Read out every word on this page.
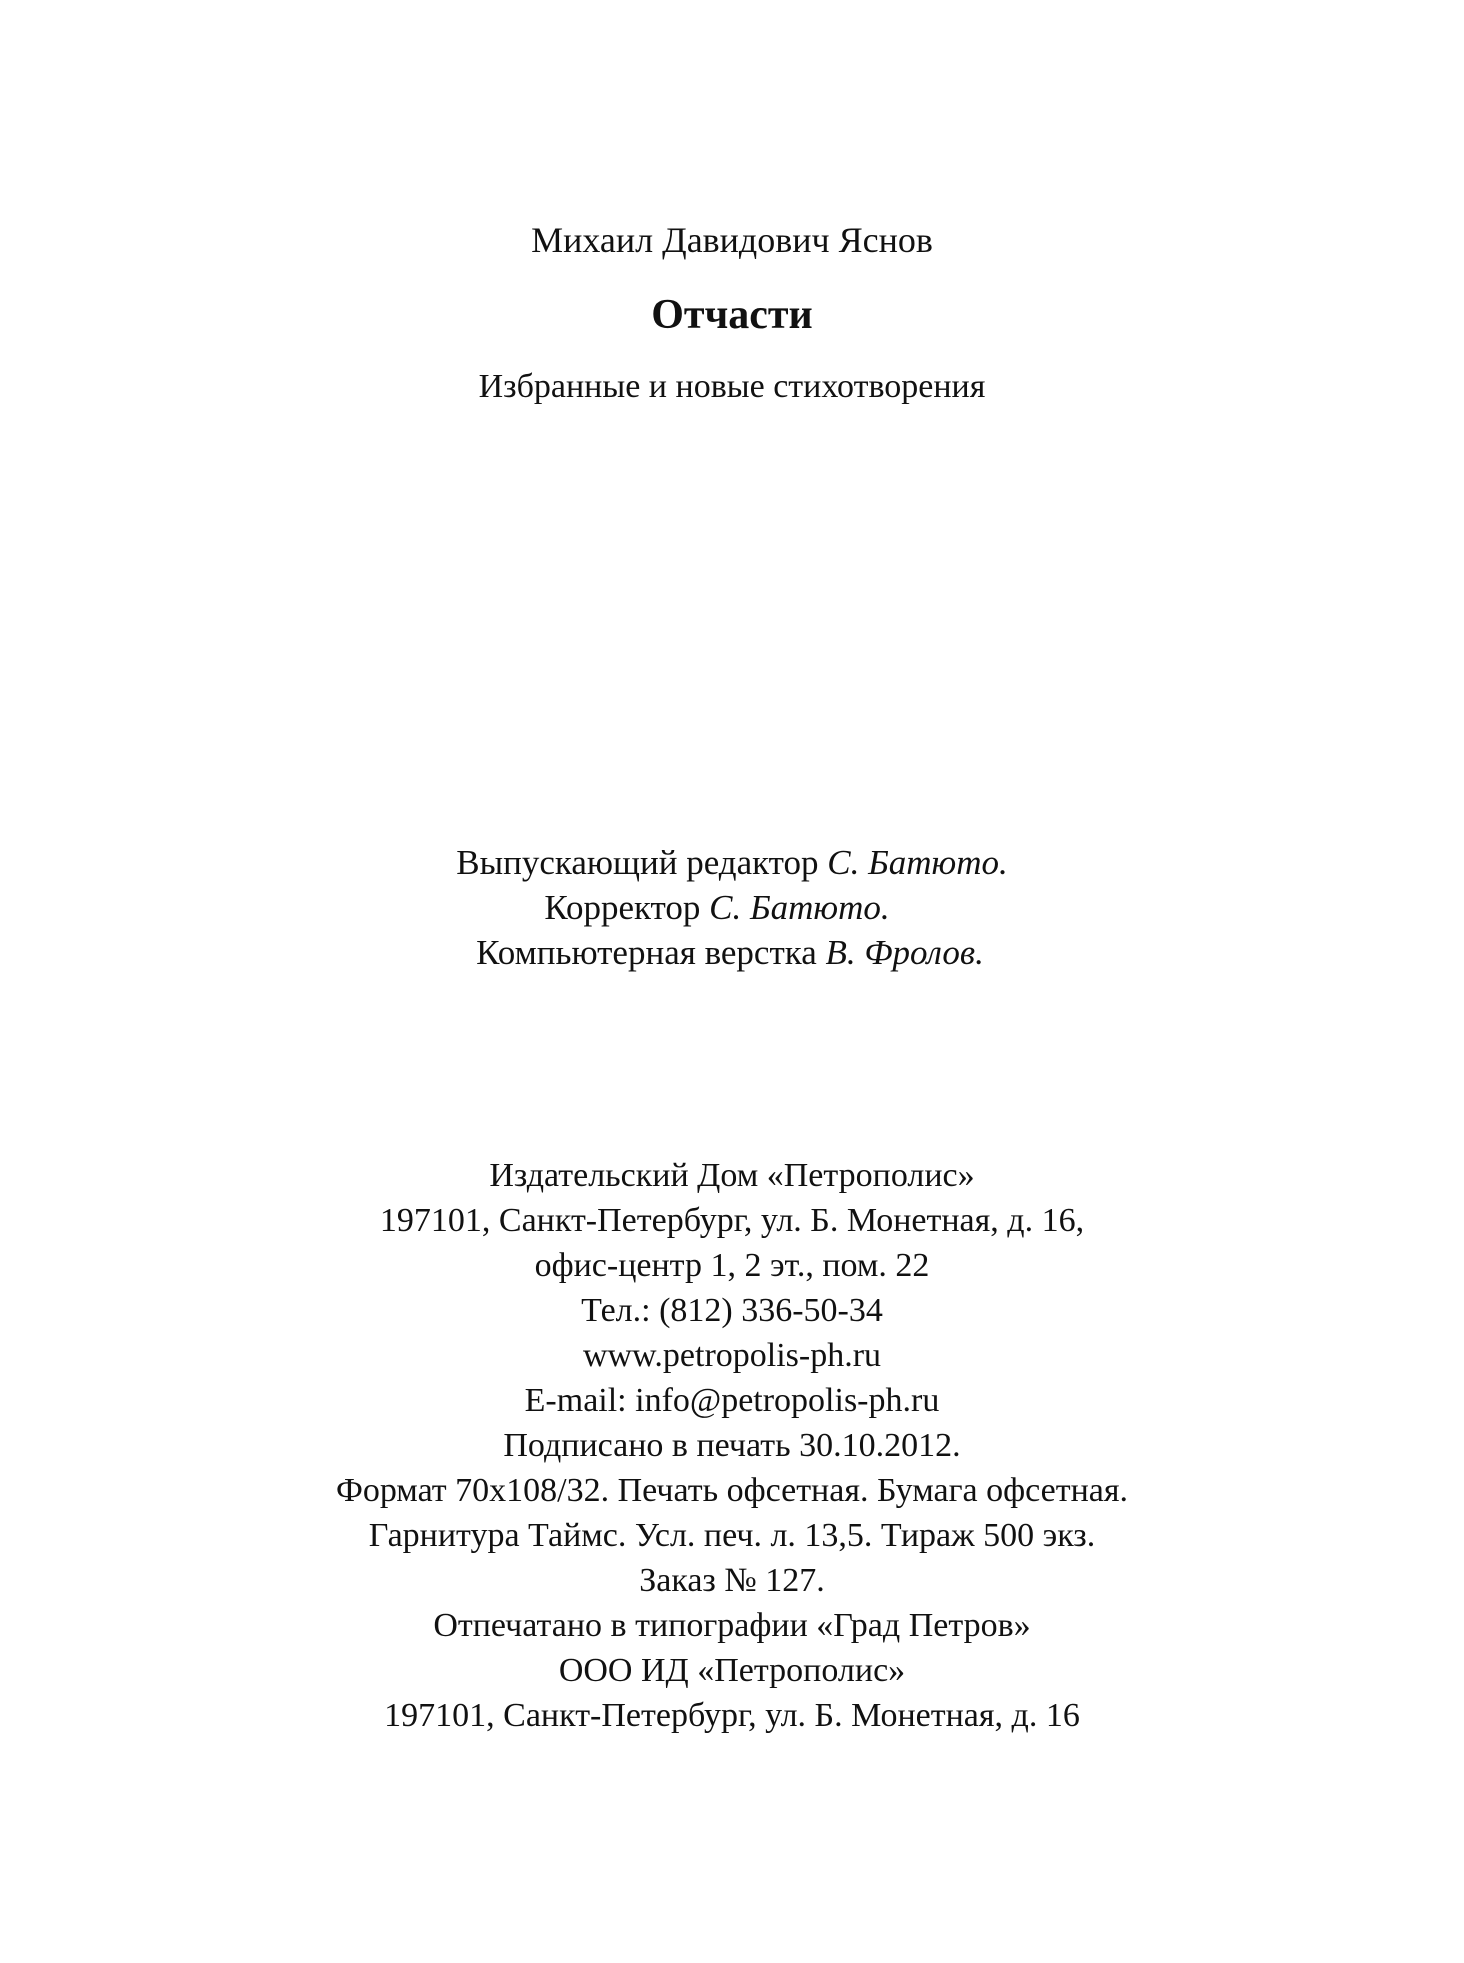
Михаил Давидович Яснов
Отчасти
Избранные и новые стихотворения
Выпускающий редактор С. Батюто.
Корректор С. Батюто.
Компьютерная верстка В. Фролов.
Издательский Дом «Петрополис»
197101, Санкт-Петербург, ул. Б. Монетная, д. 16,
офис-центр 1, 2 эт., пом. 22
Тел.: (812) 336-50-34
www.petropolis-ph.ru
E-mail: info@petropolis-ph.ru
Подписано в печать 30.10.2012.
Формат 70x108/32. Печать офсетная. Бумага офсетная.
Гарнитура Таймс. Усл. печ. л. 13,5. Тираж 500 экз.
Заказ № 127.
Отпечатано в типографии «Град Петров»
ООО ИД «Петрополис»
197101, Санкт-Петербург, ул. Б. Монетная, д. 16
